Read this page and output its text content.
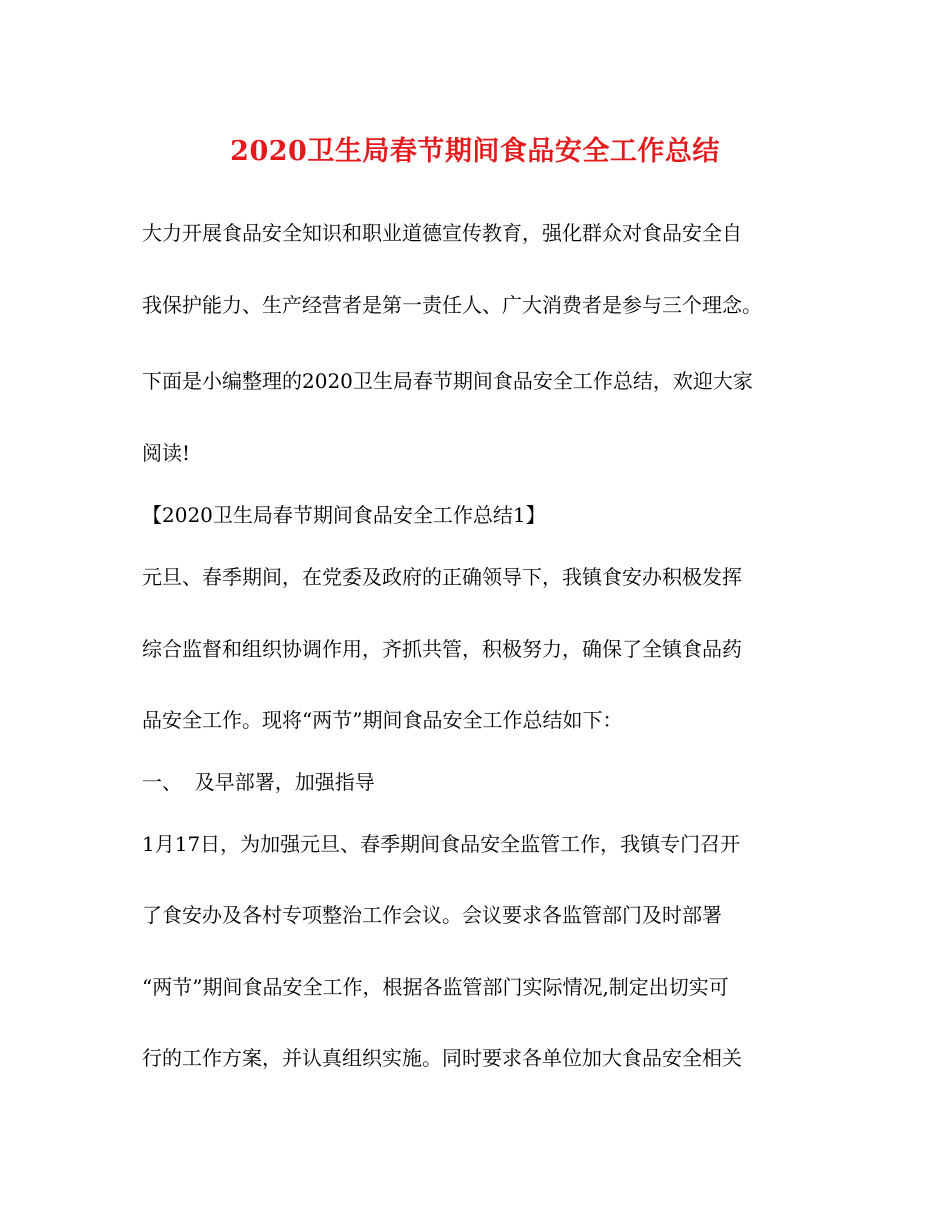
2020卫生局春节期间食品安全工作总结
大力开展食品安全知识和职业道德宣传教育，强化群众对食品安全自
我保护能力、生产经营者是第一责任人、广大消费者是参与三个理念。
下面是小编整理的2020卫生局春节期间食品安全工作总结，欢迎大家
阅读!
【2020卫生局春节期间食品安全工作总结1】
元旦、春季期间，在党委及政府的正确领导下，我镇食安办积极发挥
综合监督和组织协调作用，齐抓共管，积极努力，确保了全镇食品药
品安全工作。现将“两节”期间食品安全工作总结如下：
一、  及早部署，加强指导
1月17日，为加强元旦、春季期间食品安全监管工作，我镇专门召开
了食安办及各村专项整治工作会议。会议要求各监管部门及时部署
“两节”期间食品安全工作，根据各监管部门实际情况,制定出切实可
行的工作方案，并认真组织实施。同时要求各单位加大食品安全相关
